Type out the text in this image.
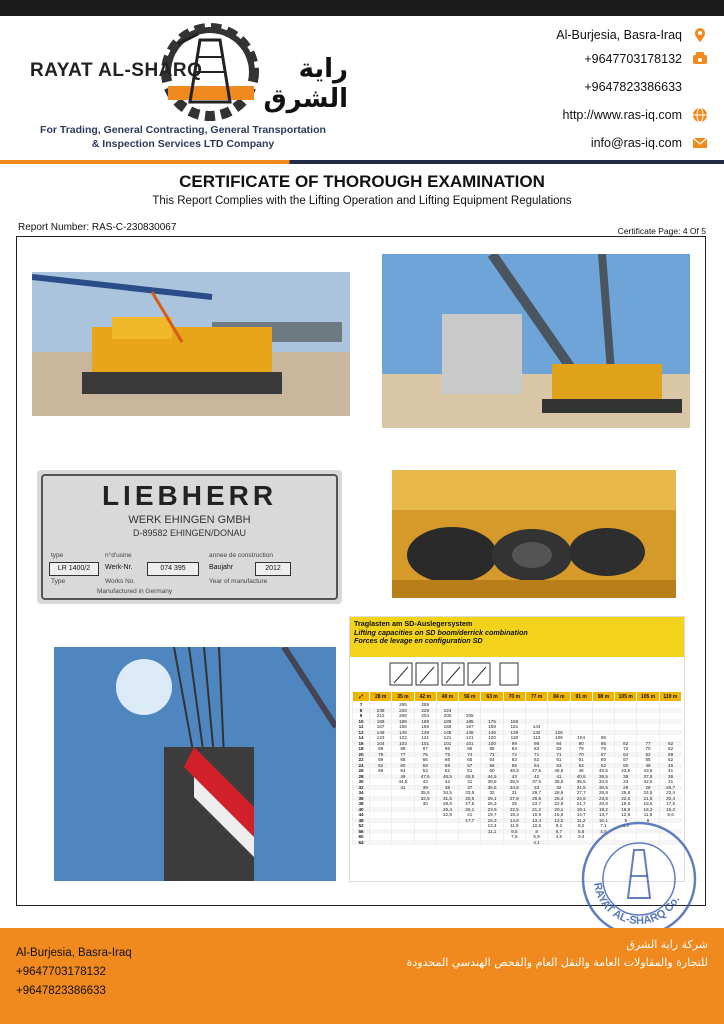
RAYAT AL-SHARQ	راية الشرق
For Trading, General Contracting, General Transportation
& Inspection Services LTD Company
Al-Burjesia, Basra-Iraq
+9647703178132
+9647823386633
http://www.ras-iq.com
info@ras-iq.com
CERTIFICATE OF THOROUGH EXAMINATION
This Report Complies with the Lifting Operation and Lifting Equipment Regulations
Report Number: RAS-C-230830067	Certificate Page: 4 Of 5
LIEBHERR
WERK EHINGEN GMBH
D-89582 EHINGEN/DONAU
type	n°d'usine	annee de construction
LR 1400/2	Werk-Nr.	074 395	Baujahr	2012
Type	Works No.	Year of manufacture
Manufactured in Germany
Traglasten am SD-Auslegersystem
Lifting capacities on SD boom/derrick combination
Forces de levage en configuration SD
⤢	28 m	35 m	42 m	49 m	56 m	63 m	70 m	77 m	84 m	91 m	98 m	105 m	105 m	119 m
7		265	259											
8	238	233	228	224										
9	212	208	204	200	205									
10	189	188	188	189	185	175	166							
11	167	166	166	166	167	159	151	144						
12	149	149	148	148	148	146	139	132	126					
14	123	122	121	121	121	120	118	113	108	104	96			
16	104	103	101	101	101	100	99	98	94	90	86	82	77	62
18	89	88	87	86	86	85	84	83	83	79	76	72	70	62
20	78	77	75	75	74	73	72	71	71	70	67	64	62	58
22	69	68	66	66	65	64	63	62	61	61	60	57	55	52
24	62	60	59	58	57	56	55	54	53	53	52	50	49	46
26	56	54	53	52	51	50	48,5	47,5	46,5	46	45,5	43,5	43,5	41
28		49	47,5	46,5	45,5	44,5	43	42	41	40,5	39,5	38	37,5	36
30		44,5	43	42	41	39,5	38,5	37,5	36,5	35,5	34,5	33	32,5	31
32		41	39	38	37	35,5	34,5	33	32	31,5	30,5	29	28	26,7
34			35,5	34,5	33,5	32	31	29,7	28,6	27,7	26,8	25,6	24,5	23,4
36			32,5	31,5	30,5	29,1	27,8	26,5	25,4	24,6	23,6	22,5	21,5	20,4
38			30	28,8	27,5	26,3	25	23,7	22,6	21,7	20,8	19,6	18,5	17,5
40				26,4	25,1	23,9	22,5	21,2	20,1	19,1	18,2	16,9	16,3	15,2
44				22,5	21	19,7	18,3	16,9	15,8	14,7	13,7	12,6	11,6	9,6
48					17,7	16,3	14,8	13,4	12,2	11,2	10,1	9	8	
52						13,4	11,9	10,5	9,2	8,2	7,1	6,3		
56						11,1	9,5	8	6,7	5,6	4,5			
60							7,5	5,9	4,5	3,4				
64								4,1						
RAYAT AL-SHARQ Co.
Al-Burjesia, Basra-Iraq
+9647703178132
+9647823386633
شركة راية الشرق
للتجارة والمقاولات العامة والنقل العام والفحص الهندسي المحدودة
